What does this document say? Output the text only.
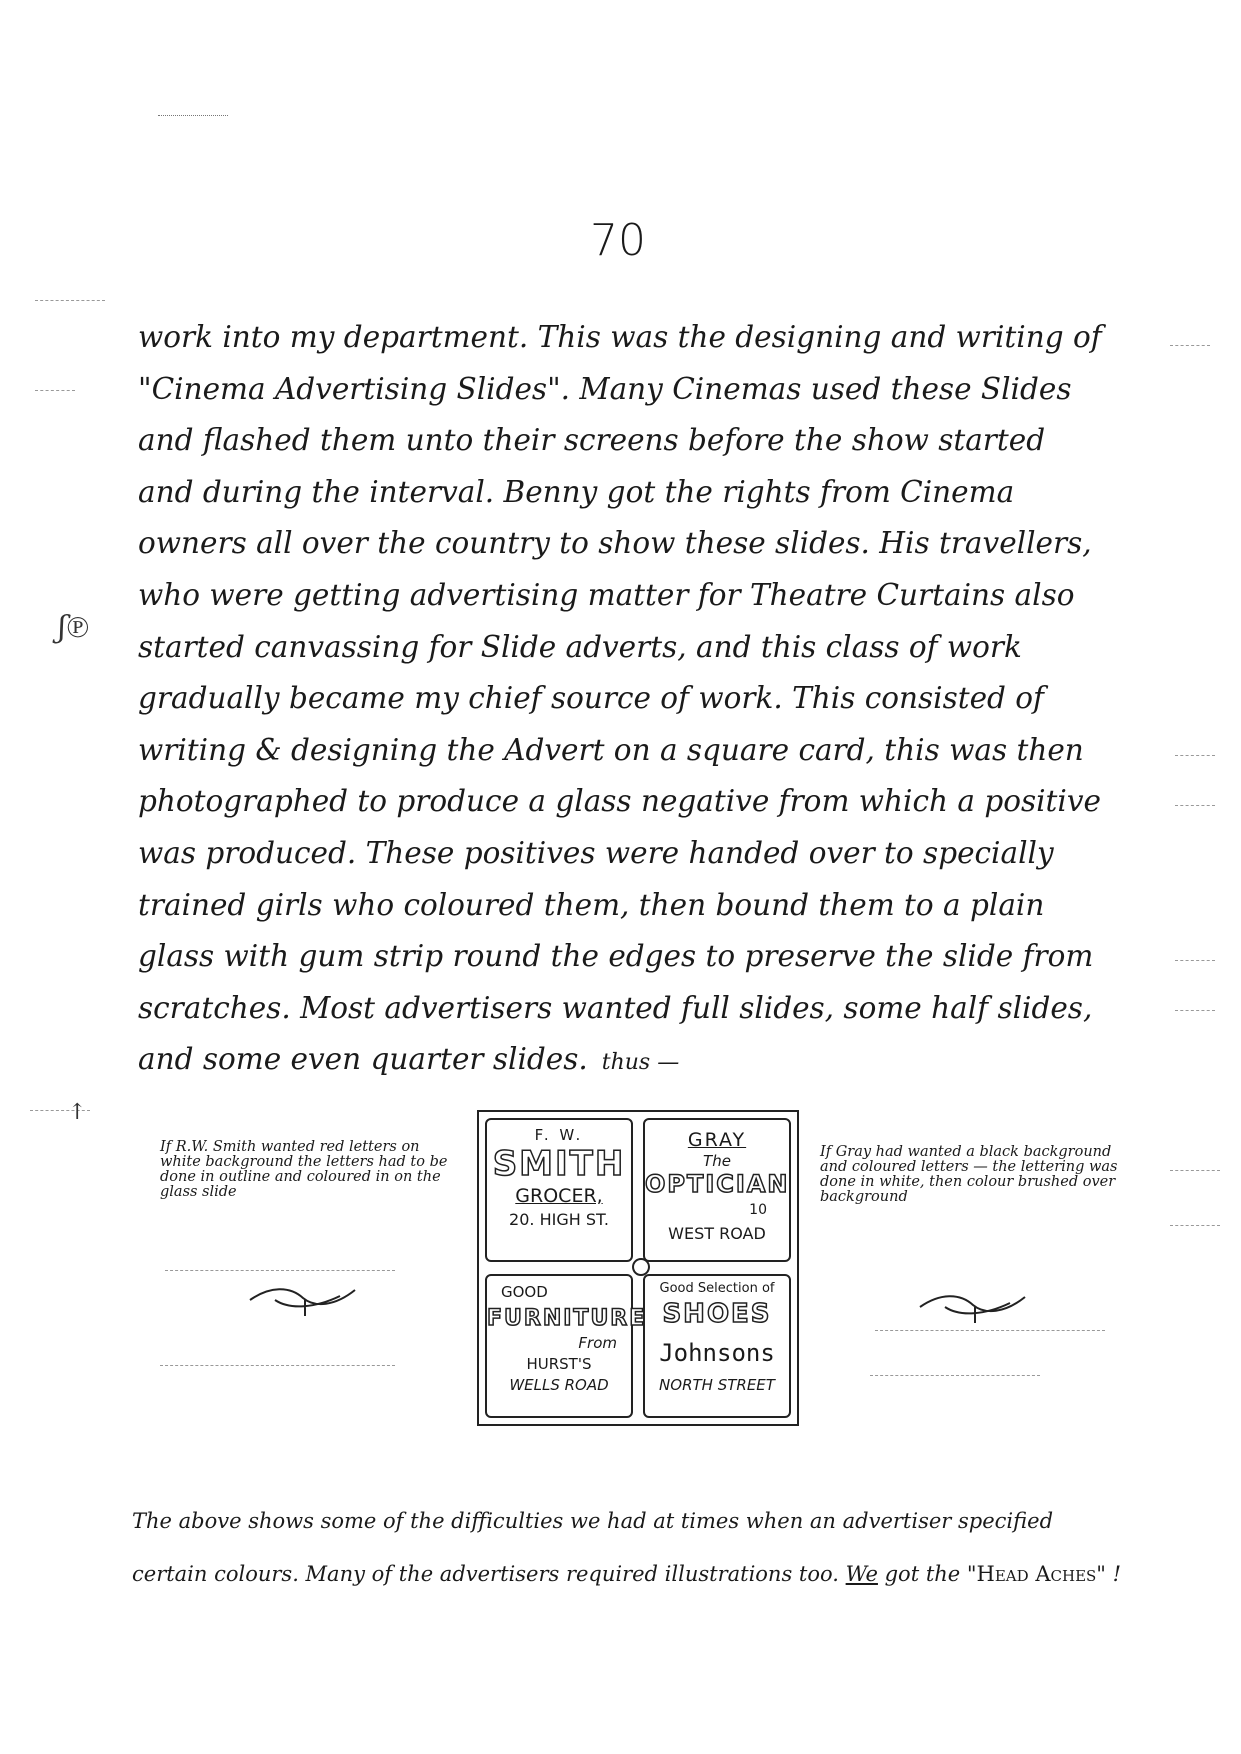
ʃ℗
↑
70
work into my department. This was the designing and writing of
"Cinema Advertising Slides". Many Cinemas used these Slides
and flashed them unto their screens before the show started
and during the interval. Benny got the rights from Cinema
owners all over the country to show these slides. His travellers,
who were getting advertising matter for Theatre Curtains also
started canvassing for Slide adverts, and this class of work
gradually became my chief source of work. This consisted of
writing & designing the Advert on a square card, this was then
photographed to produce a glass negative from which a positive
was produced. These positives were handed over to specially
trained girls who coloured them, then bound them to a plain
glass with gum strip round the edges to preserve the slide from
scratches. Most advertisers wanted full slides, some half slides,
and some even quarter slides. thus —
If R.W. Smith wanted red letters on white background the letters had to be done in outline and coloured in on the glass slide
If Gray had wanted a black background and coloured letters — the lettering was done in white, then colour brushed over background
F. W.
SMITH
GROCER,
20. HIGH ST.
GRAY
The
OPTICIAN
10
WEST ROAD
GOOD
FURNITURE
From
HURST'S
WELLS ROAD
Good Selection of
SHOES
Johnsons
NORTH STREET
The above shows some of the difficulties we had at times when an advertiser specified
certain colours. Many of the advertisers required illustrations too. We got the "Head Aches" !
